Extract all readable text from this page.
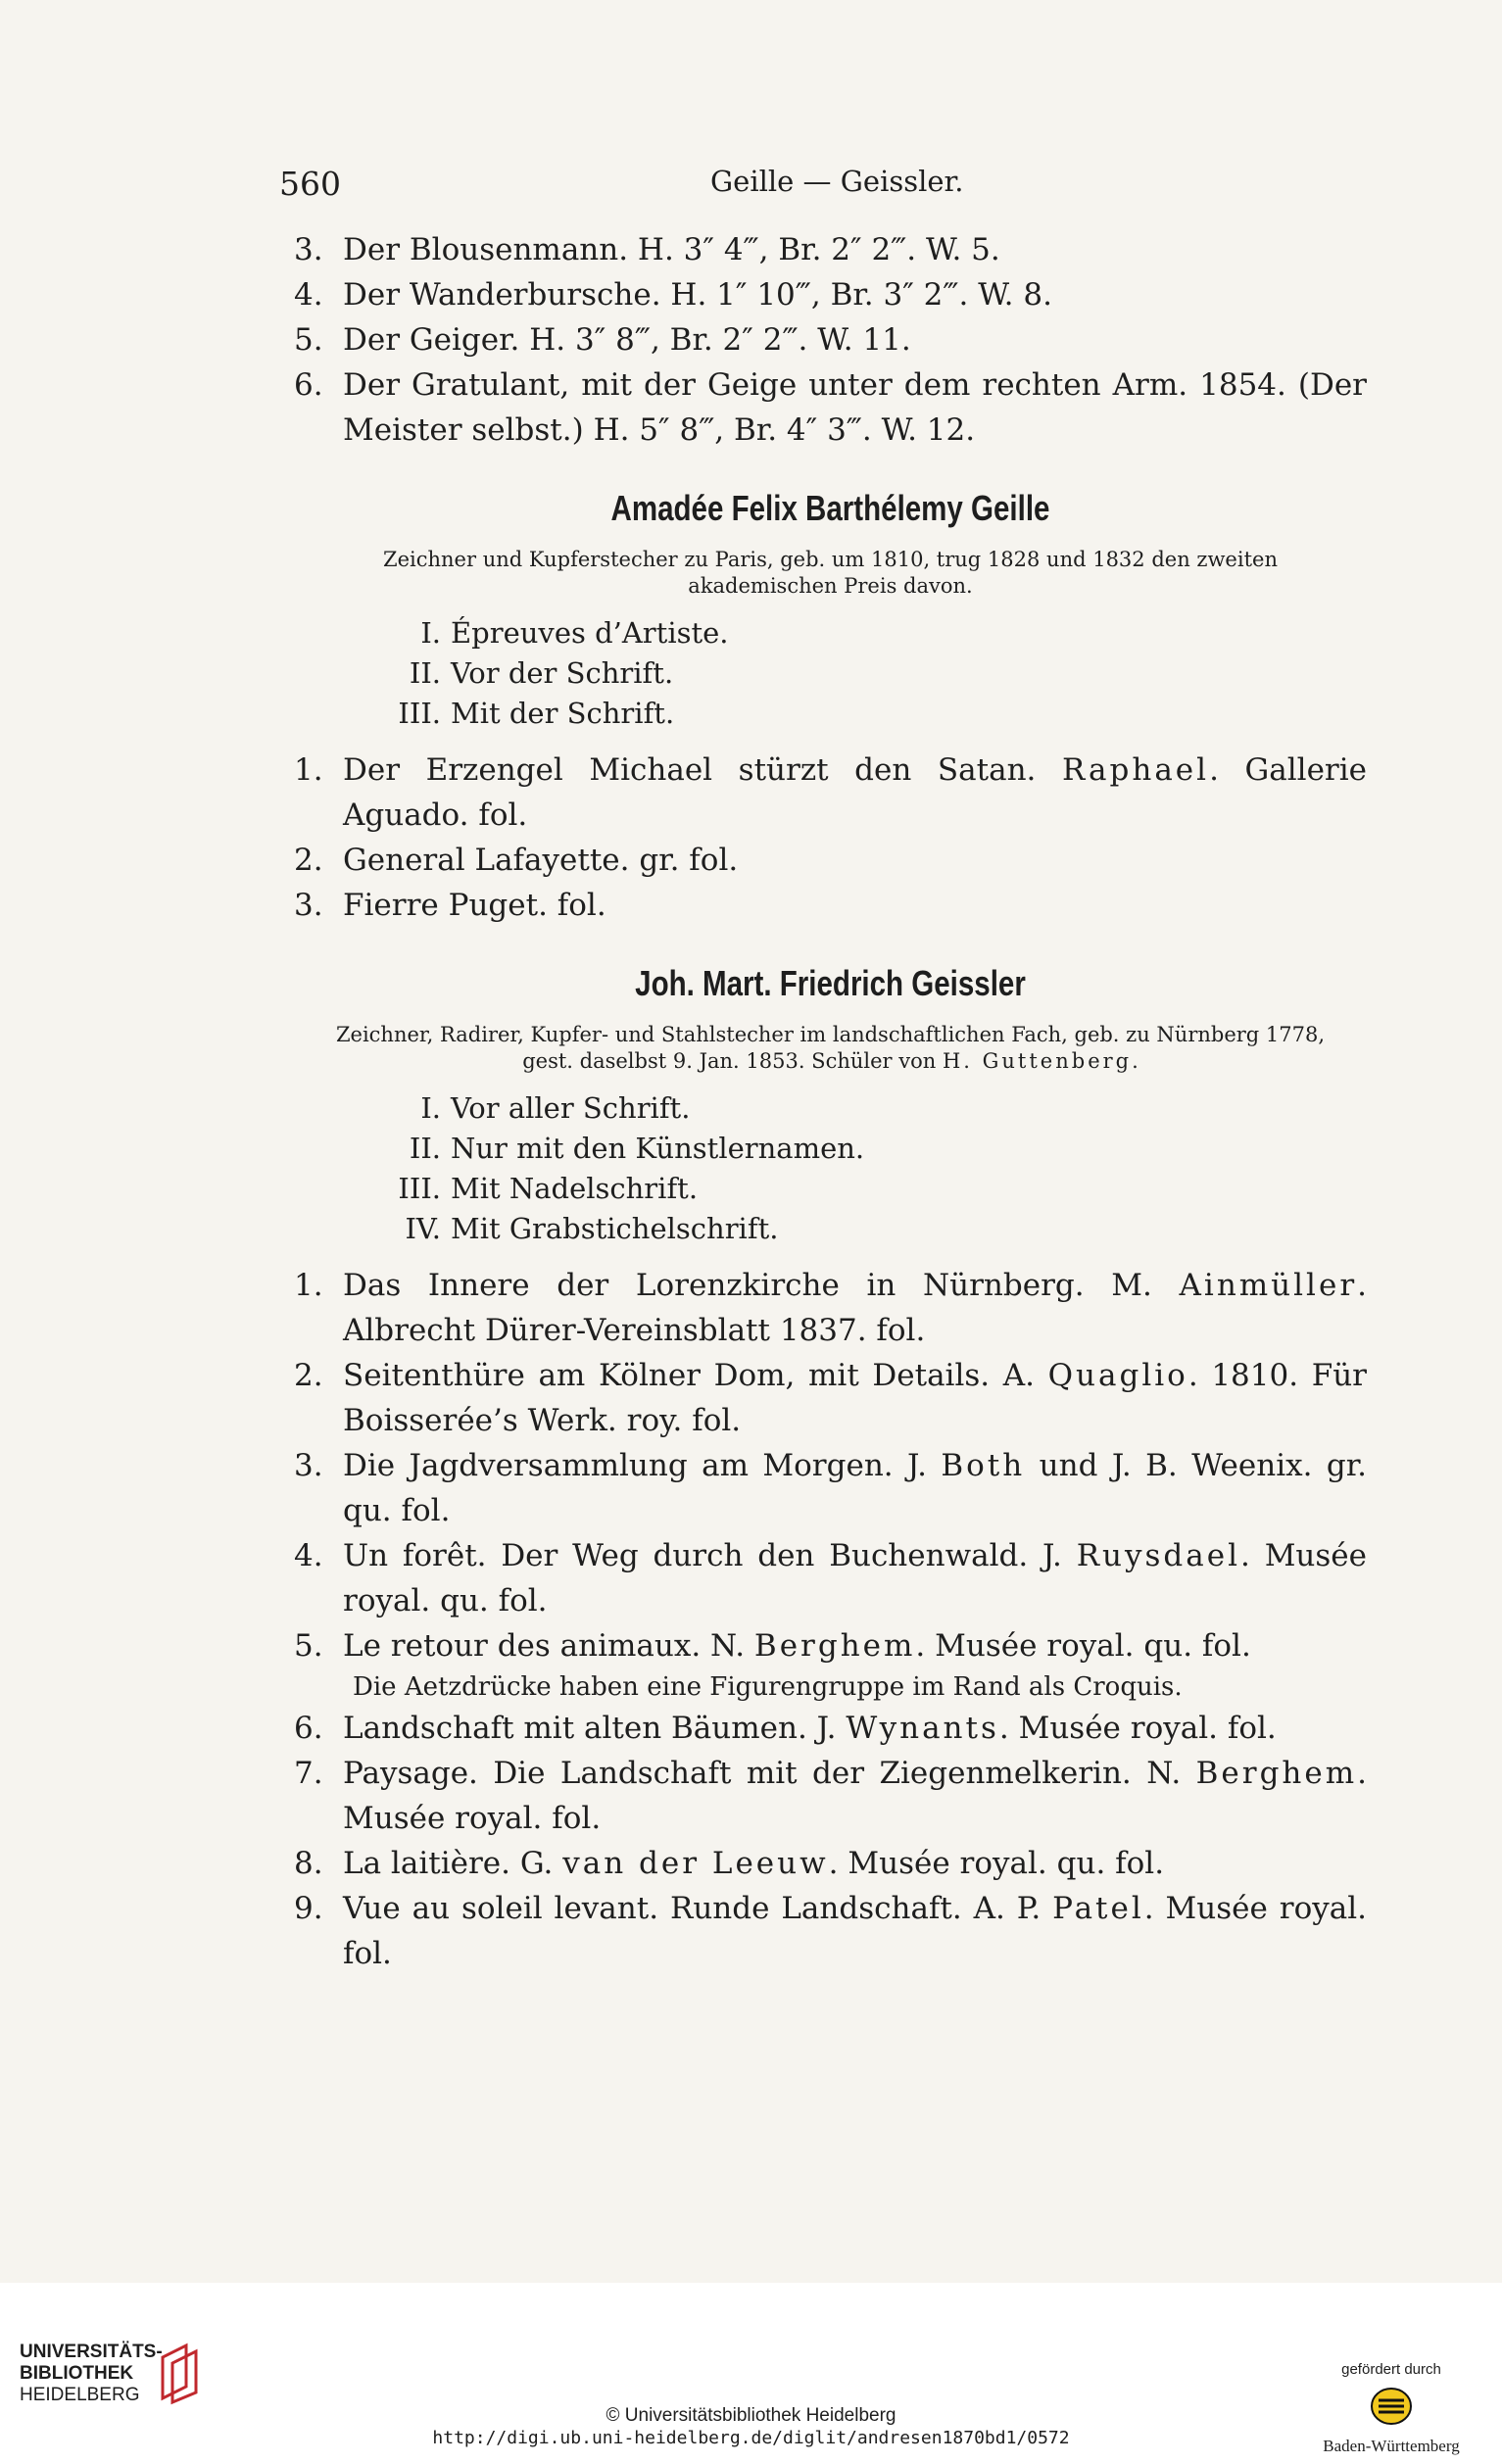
560	Geille — Geissler.

3. Der Blousenmann. H. 3″ 4‴, Br. 2″ 2‴. W. 5.

4. Der Wanderbursche. H. 1″ 10‴, Br. 3″ 2‴. W. 8.

5. Der Geiger. H. 3″ 8‴, Br. 2″ 2‴. W. 11.

6. Der Gratulant, mit der Geige unter dem rechten Arm. 1854. (Der Meister selbst.) H. 5″ 8‴, Br. 4″ 3‴. W. 12.

Amadée Felix Barthélemy Geille
Zeichner und Kupferstecher zu Paris, geb. um 1810, trug 1828 und 1832 den zweiten akademischen Preis davon.
I. Épreuves d’Artiste.
II. Vor der Schrift.
III. Mit der Schrift.

1. Der Erzengel Michael stürzt den Satan. Raphael. Gallerie Aguado. fol.

2. General Lafayette. gr. fol.

3. Fierre Puget. fol.

Joh. Mart. Friedrich Geissler
Zeichner, Radirer, Kupfer- und Stahlstecher im landschaftlichen Fach, geb. zu Nürnberg 1778, gest. daselbst 9. Jan. 1853. Schüler von H. Guttenberg.
I. Vor aller Schrift.
II. Nur mit den Künstlernamen.
III. Mit Nadelschrift.
IV. Mit Grabstichelschrift.

1. Das Innere der Lorenzkirche in Nürnberg. M. Ainmüller. Albrecht Dürer-Vereinsblatt 1837. fol.

2. Seitenthüre am Kölner Dom, mit Details. A. Quaglio. 1810. Für Boisserée’s Werk. roy. fol.

3. Die Jagdversammlung am Morgen. J. Both und J. B. Weenix. gr. qu. fol.

4. Un forêt. Der Weg durch den Buchenwald. J. Ruysdael. Musée royal. qu. fol.

5. Le retour des animaux. N. Berghem. Musée royal. qu. fol.

Die Aetzdrücke haben eine Figurengruppe im Rand als Croquis.

6. Landschaft mit alten Bäumen. J. Wynants. Musée royal. fol.

7. Paysage. Die Landschaft mit der Ziegenmelkerin. N. Berghem. Musée royal. fol.

8. La laitière. G. van der Leeuw. Musée royal. qu. fol.

9. Vue au soleil levant. Runde Landschaft. A. P. Patel. Musée royal. fol.

UNIVERSITÄTS-
BIBLIOTHEK
HEIDELBERG
© Universitätsbibliothek Heidelberg
http://digi.ub.uni-heidelberg.de/diglit/andresen1870bd1/0572
gefördert durch
Baden-Württemberg
